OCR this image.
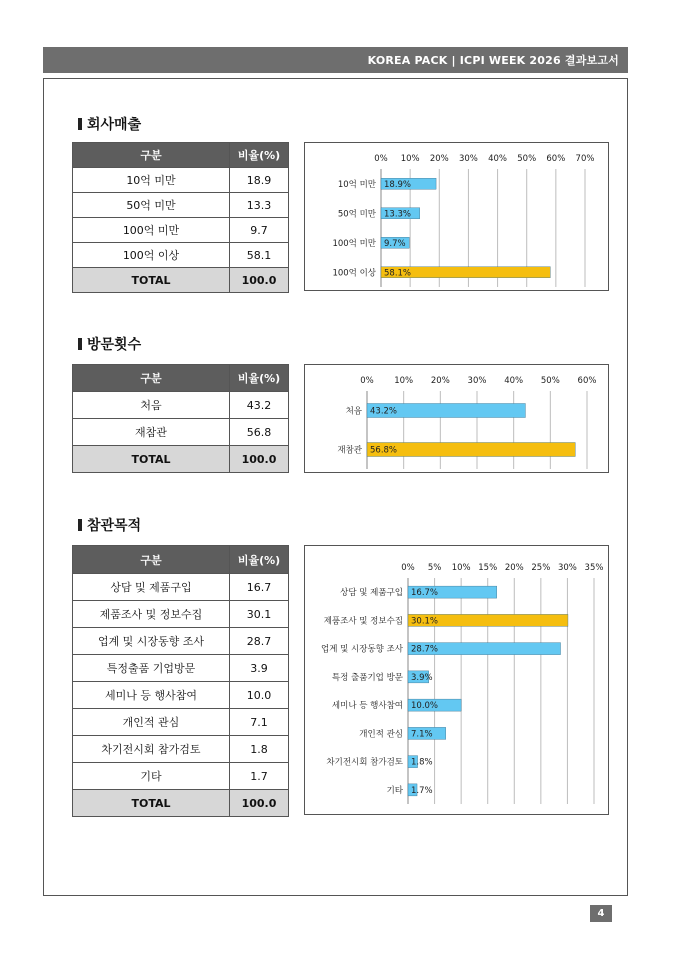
KOREA PACK | ICPI WEEK 2026 결과보고서
회사매출
구분	비율(%)
10억 미만	18.9
50억 미만	13.3
100억 미만	9.7
100억 이상	58.1
TOTAL	100.0
0% 10% 20% 30% 40% 50% 60% 70%
10억 미만 18.9%
50억 미만 13.3%
100억 미만 9.7%
100억 이상 58.1%
방문횟수
구분	비율(%)
처음	43.2
재참관	56.8
TOTAL	100.0
0% 10% 20% 30% 40% 50% 60%
처음 43.2%
재참관 56.8%
참관목적
구분	비율(%)
상담 및 제품구입	16.7
제품조사 및 정보수집	30.1
업계 및 시장동향 조사	28.7
특정출품 기업방문	3.9
세미나 등 행사참여	10.0
개인적 관심	7.1
차기전시회 참가검토	1.8
기타	1.7
TOTAL	100.0
0% 5% 10% 15% 20% 25% 30% 35%
상담 및 제품구입 16.7%
제품조사 및 정보수집 30.1%
업계 및 시장동향 조사 28.7%
특정 출품기업 방문 3.9%
세미나 등 행사참여 10.0%
개인적 관심 7.1%
차기전시회 참가검토 1.8%
기타 1.7%
4
